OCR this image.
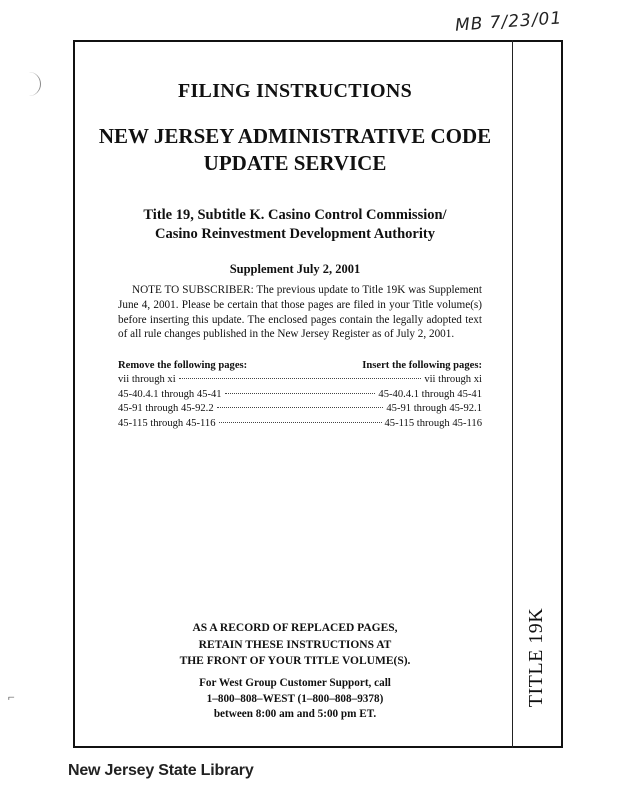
MB 7/23/01
⌐
FILING INSTRUCTIONS
NEW JERSEY ADMINISTRATIVE CODE
UPDATE SERVICE
Title 19, Subtitle K. Casino Control Commission/
Casino Reinvestment Development Authority
Supplement July 2, 2001
NOTE TO SUBSCRIBER: The previous update to Title 19K was Supplement June 4, 2001. Please be certain that those pages are filed in your Title volume(s) before inserting this update. The enclosed pages contain the legally adopted text of all rule changes published in the New Jersey Register as of July 2, 2001.
Remove the following pages:	Insert the following pages:
vii through xi	vii through xi
45-40.4.1 through 45-41	45-40.4.1 through 45-41
45-91 through 45-92.2	45-91 through 45-92.1
45-115 through 45-116	45-115 through 45-116
AS A RECORD OF REPLACED PAGES,
RETAIN THESE INSTRUCTIONS AT
THE FRONT OF YOUR TITLE VOLUME(S).
For West Group Customer Support, call
1–800–808–WEST (1–800–808–9378)
between 8:00 am and 5:00 pm ET.
TITLE 19K
New Jersey State Library
